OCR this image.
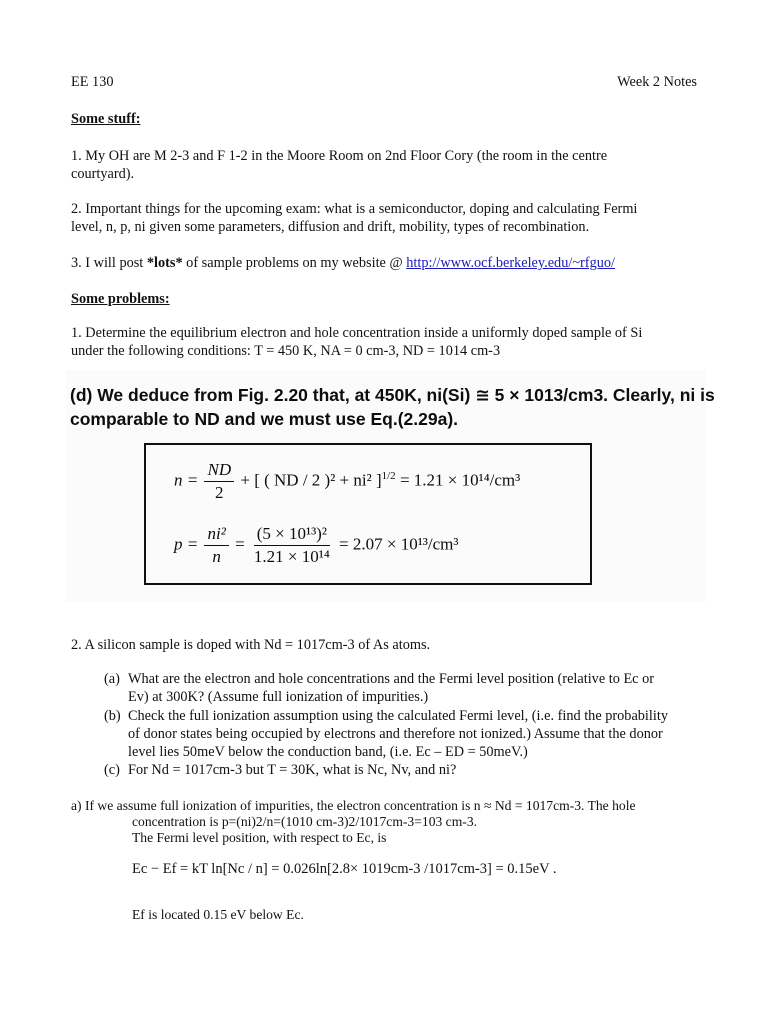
EE 130	Week 2 Notes
Some stuff:
1. My OH are M 2-3 and F 1-2 in the Moore Room on 2nd Floor Cory (the room in the centre
courtyard).
2. Important things for the upcoming exam: what is a semiconductor, doping and calculating Fermi
level, n, p, ni given some parameters, diffusion and drift, mobility, types of recombination.
3. I will post *lots* of sample problems on my website @ http://www.ocf.berkeley.edu/~rfguo/
Some problems:
1. Determine the equilibrium electron and hole concentration inside a uniformly doped sample of Si
under the following conditions: T = 450 K, NA = 0 cm-3, ND = 1014 cm-3
(d) We deduce from Fig. 2.20 that, at 450K, ni(Si) ≅ 5 × 1013/cm3. Clearly, ni is
comparable to ND and we must use Eq.(2.29a).
$n = \frac{ND}{2}$ + [ ( ND / 2 )² + ni² ]$^{1/2}$ = 1.21 × 10¹⁴/cm³
$p = \frac{\text{ni²}}{n} = \frac{\text{(5 × 10¹³)²}}{\text{1.21 × 10¹⁴}} = 2.07 \times 10^{13}/cm^3$
2. A silicon sample is doped with Nd = 1017cm-3 of As atoms.
(a) What are the electron and hole concentrations and the Fermi level position (relative to Ec or
Ev) at 300K? (Assume full ionization of impurities.)
(b) Check the full ionization assumption using the calculated Fermi level, (i.e. find the probability
of donor states being occupied by electrons and therefore not ionized.) Assume that the donor
level lies 50meV below the conduction band, (i.e. Ec – ED = 50meV.)
(c) For Nd = 1017cm-3 but T = 30K, what is Nc, Nv, and ni?
a) If we assume full ionization of impurities, the electron concentration is n ≈ Nd = 1017cm-3. The hole
concentration is p=(ni)2/n=(1010 cm-3)2/1017cm-3=103 cm-3.
The Fermi level position, with respect to Ec, is
Ec − Ef = kT ln[Nc / n] = 0.026ln[2.8× 1019cm-3 /1017cm-3] = 0.15eV .
Ef is located 0.15 eV below Ec.
